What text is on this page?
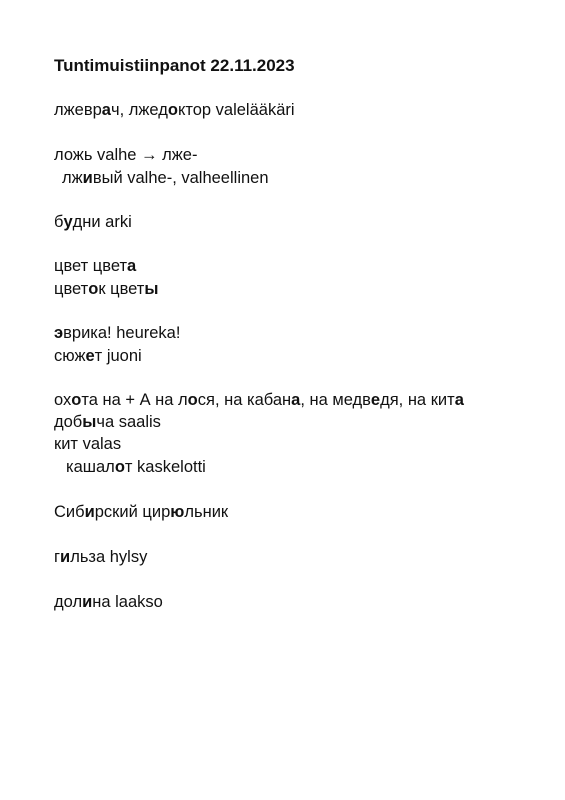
Tuntimuistiinpanot 22.11.2023
лжеврач, лжедоктор valelääkäri
ложь valhe → лже-
лживый valhe-, valheellinen
будни arki
цвет цвета
цветок цветы
эврика! heureka!
сюжет juoni
охота на + А на лося, на кабана, на медведя, на кита
добыча saalis
кит valas
кашалот kaskelotti
Сибирский цирюльник
гильза hylsy
долина laakso
